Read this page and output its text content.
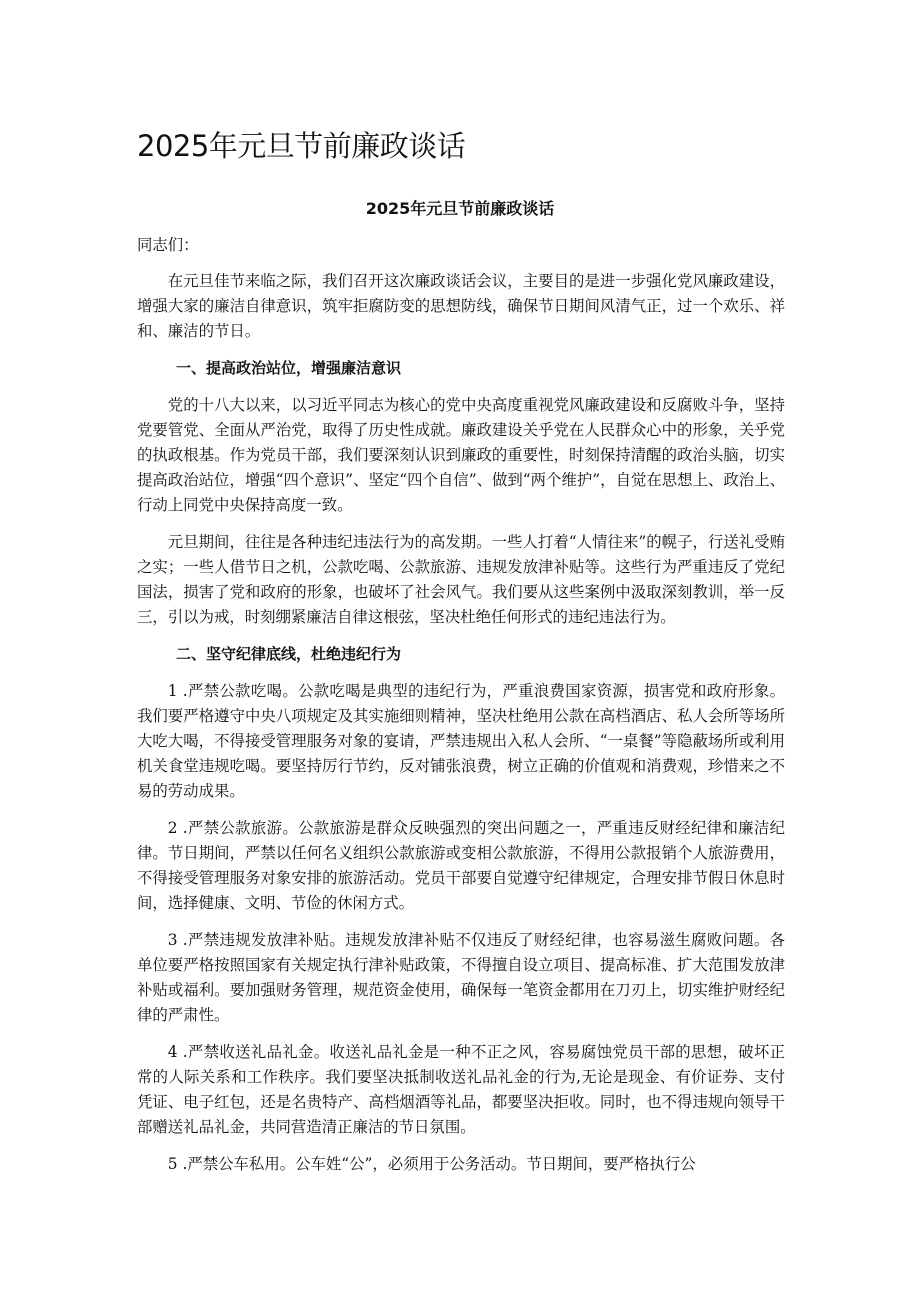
2025年元旦节前廉政谈话
2025年元旦节前廉政谈话

同志们：

在元旦佳节来临之际，我们召开这次廉政谈话会议，主要目的是进一步强化党风廉政建设，增强大家的廉洁自律意识，筑牢拒腐防变的思想防线，确保节日期间风清气正，过一个欢乐、祥和、廉洁的节日。

一、提高政治站位，增强廉洁意识

党的十八大以来，以习近平同志为核心的党中央高度重视党风廉政建设和反腐败斗争，坚持党要管党、全面从严治党，取得了历史性成就。廉政建设关乎党在人民群众心中的形象，关乎党的执政根基。作为党员干部，我们要深刻认识到廉政的重要性，时刻保持清醒的政治头脑，切实提高政治站位，增强“四个意识”、坚定“四个自信”、做到“两个维护”，自觉在思想上、政治上、行动上同党中央保持高度一致。

元旦期间，往往是各种违纪违法行为的高发期。一些人打着“人情往来”的幌子，行送礼受贿之实；一些人借节日之机，公款吃喝、公款旅游、违规发放津补贴等。这些行为严重违反了党纪国法，损害了党和政府的形象，也破坏了社会风气。我们要从这些案例中汲取深刻教训，举一反三，引以为戒，时刻绷紧廉洁自律这根弦，坚决杜绝任何形式的违纪违法行为。

二、坚守纪律底线，杜绝违纪行为

1 .严禁公款吃喝。公款吃喝是典型的违纪行为，严重浪费国家资源，损害党和政府形象。我们要严格遵守中央八项规定及其实施细则精神，坚决杜绝用公款在高档酒店、私人会所等场所大吃大喝，不得接受管理服务对象的宴请，严禁违规出入私人会所、“一桌餐”等隐蔽场所或利用机关食堂违规吃喝。要坚持厉行节约，反对铺张浪费，树立正确的价值观和消费观，珍惜来之不易的劳动成果。

2 .严禁公款旅游。公款旅游是群众反映强烈的突出问题之一，严重违反财经纪律和廉洁纪律。节日期间，严禁以任何名义组织公款旅游或变相公款旅游，不得用公款报销个人旅游费用，不得接受管理服务对象安排的旅游活动。党员干部要自觉遵守纪律规定，合理安排节假日休息时间，选择健康、文明、节俭的休闲方式。

3 .严禁违规发放津补贴。违规发放津补贴不仅违反了财经纪律，也容易滋生腐败问题。各单位要严格按照国家有关规定执行津补贴政策，不得擅自设立项目、提高标准、扩大范围发放津补贴或福利。要加强财务管理，规范资金使用，确保每一笔资金都用在刀刃上，切实维护财经纪律的严肃性。

4 .严禁收送礼品礼金。收送礼品礼金是一种不正之风，容易腐蚀党员干部的思想，破坏正常的人际关系和工作秩序。我们要坚决抵制收送礼品礼金的行为,无论是现金、有价证券、支付凭证、电子红包，还是名贵特产、高档烟酒等礼品，都要坚决拒收。同时，也不得违规向领导干部赠送礼品礼金，共同营造清正廉洁的节日氛围。

5 .严禁公车私用。公车姓“公”，必须用于公务活动。节日期间，要严格执行公
